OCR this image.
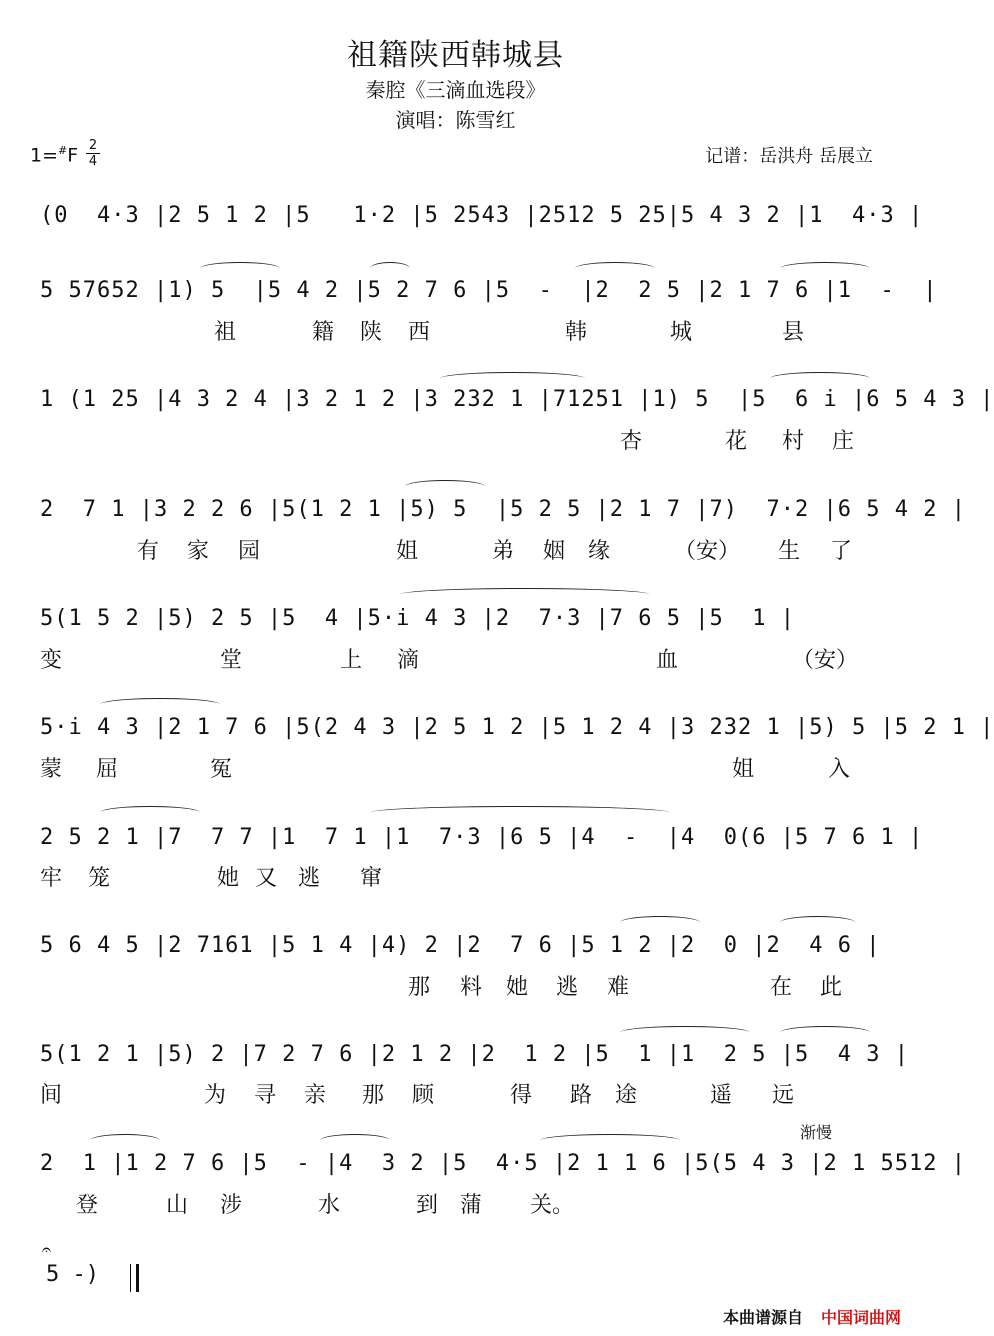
祖籍陕西韩城县
秦腔《三滴血选段》
演唱：陈雪红
1=#F 2
4	记谱：岳洪舟 岳展立
(0  4·3 |2 5 1 2 |5   1·2 |5 2543 |2512 5 25|5 4 3 2 |1  4·3 |
5 57652 |1) 5  |5 4 2 |5 2 7 6 |5  -  |2  2 5 |2 1 7 6 |1  -  |
祖	籍 陕 西	韩	城	县
1 (1 25 |4 3 2 4 |3 2 1 2 |3 232 1 |71251 |1) 5  |5  6 i |6 5 4 3 |
杏	花 村 庄
2  7 1 |3 2 2 6 |5(1 2 1 |5) 5  |5 2 5 |2 1 7 |7)  7·2 |6 5 4 2 |
有 家 园	姐	弟 姻 缘	（安） 生 了
5(1 5 2 |5) 2 5 |5  4 |5·i 4 3 |2  7·3 |7 6 5 |5  1 |
变	堂	上 滴	血	（安）
5·i 4 3 |2 1 7 6 |5(2 4 3 |2 5 1 2 |5 1 2 4 |3 232 1 |5) 5 |5 2 1 |
蒙 屈	冤	姐	入
2 5 2 1 |7  7 7 |1  7 1 |1  7·3 |6 5 |4  -  |4  0(6 |5 7 6 1 |
牢 笼	她 又 逃 窜
5 6 4 5 |2 7161 |5 1 4 |4) 2 |2  7 6 |5 1 2 |2  0 |2  4 6 |
那 料 她 逃 难	在 此
5(1 2 1 |5) 2 |7 2 7 6 |2 1 2 |2  1 2 |5  1 |1  2 5 |5  4 3 |
间	为 寻 亲 那 顾	得 路 途	遥 远
渐慢
2  1 |1 2 7 6 |5  - |4  3 2 |5  4·5 |2 1 1 6 |5(5 4 3 |2 1 5512 |
登	山 涉	水	到 蒲 关。
𝄐
5 -)
本曲谱源自 中国词曲网
